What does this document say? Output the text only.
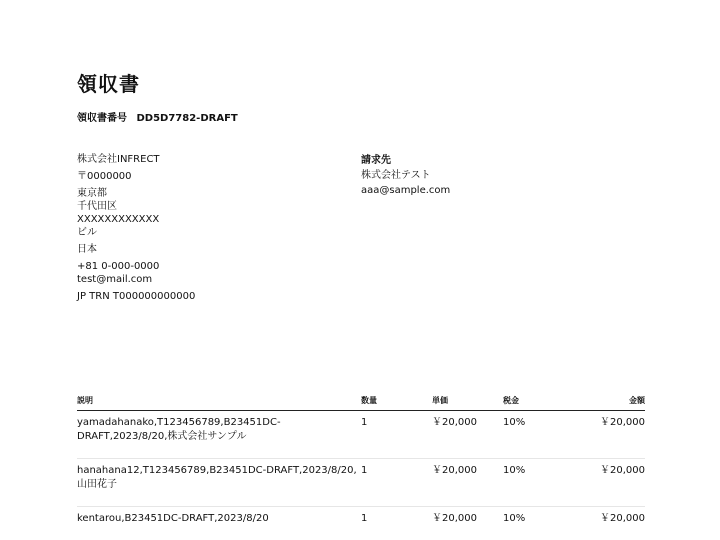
領収書
領収書番号 DD5D7782-DRAFT
株式会社INFRECT
〒0000000
東京都
千代田区
XXXXXXXXXXXX
ビル
日本
+81 0-000-0000
test@mail.com
JP TRN T000000000000
請求先
株式会社テスト
aaa@sample.com
説明	数量	単価	税金	金額
yamadahanako,T123456789,B23451DC-DRAFT,2023/8/20,株式会社サンプル	1	￥20,000	10%	￥20,000
hanahana12,T123456789,B23451DC-DRAFT,2023/8/20,山田花子	1	￥20,000	10%	￥20,000
kentarou,B23451DC-DRAFT,2023/8/20	1	￥20,000	10%	￥20,000
